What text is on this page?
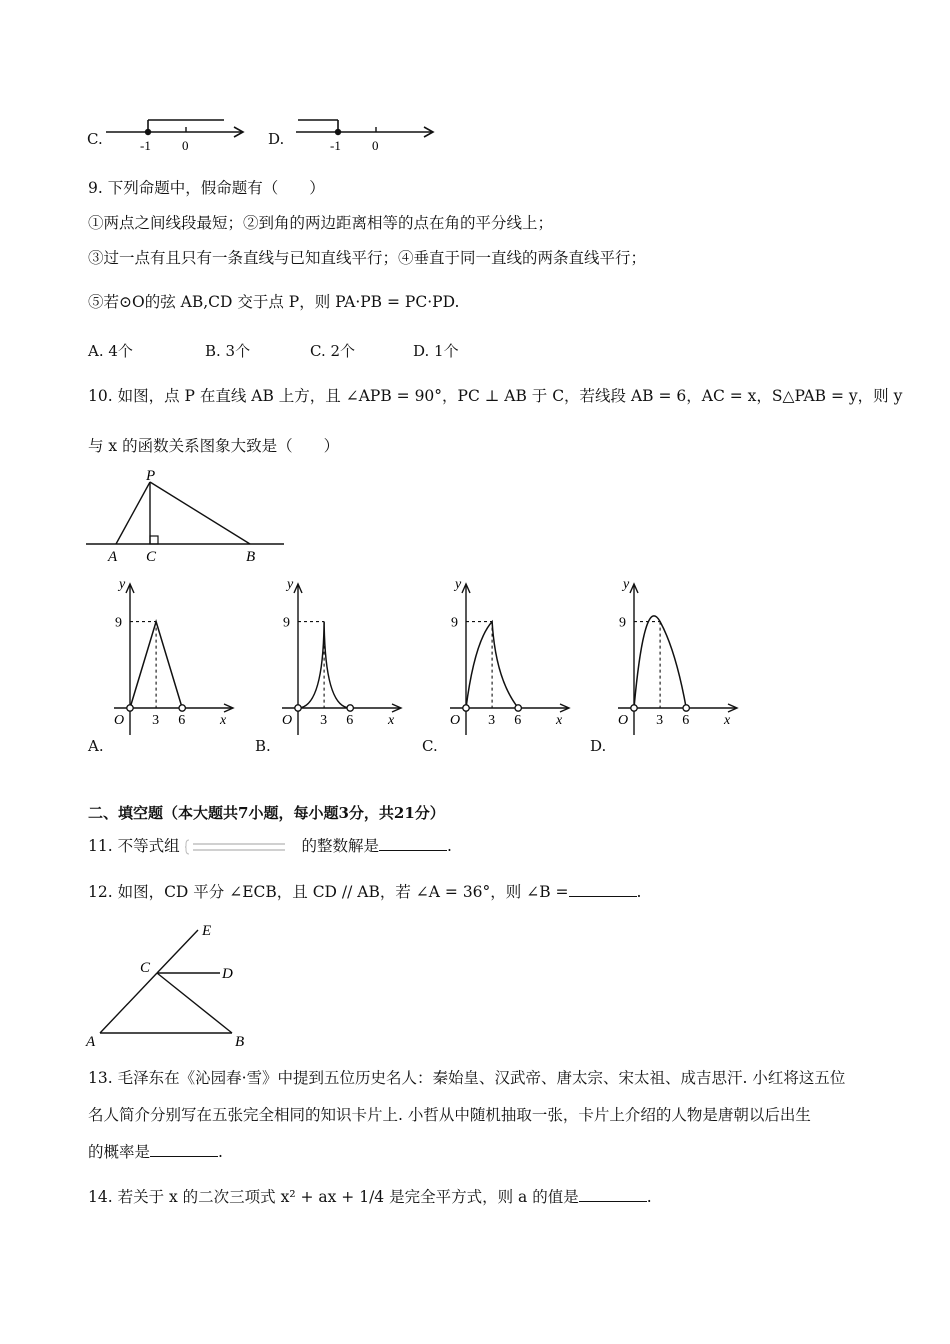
C.	-1 0	D.	-1 0
9. 下列命题中，假命题有（　　）
①两点之间线段最短；②到角的两边距离相等的点在角的平分线上；
③过一点有且只有一条直线与已知直线平行；④垂直于同一直线的两条直线平行；
⑤若⊙O的弦 AB,CD 交于点 P，则 PA·PB = PC·PD.
A. 4个	B. 3个	C. 2个	D. 1个
10. 如图，点 P 在直线 AB 上方，且 ∠APB = 90°，PC ⊥ AB 于 C，若线段 AB = 6，AC = x，S△PAB = y，则 y
与 x 的函数关系图象大致是（　　）
P
A C	B
y
x
O
9
3 6
y
x
O
9
3 6
y
x
O
9
3 6
y
x
O
9
3 6
A.	B.	C.	D.
二、填空题（本大题共7小题，每小题3分，共21分）
11. 不等式组	的整数解是	.
12. 如图，CD 平分 ∠ECB，且 CD // AB，若 ∠A = 36°，则 ∠B =	.
E
C	D
A	B
13. 毛泽东在《沁园春·雪》中提到五位历史名人：秦始皇、汉武帝、唐太宗、宋太祖、成吉思汗. 小红将这五位
名人简介分别写在五张完全相同的知识卡片上. 小哲从中随机抽取一张，卡片上介绍的人物是唐朝以后出生
的概率是	.
14. 若关于 x 的二次三项式 x² + ax + 1/4 是完全平方式，则 a 的值是	.
